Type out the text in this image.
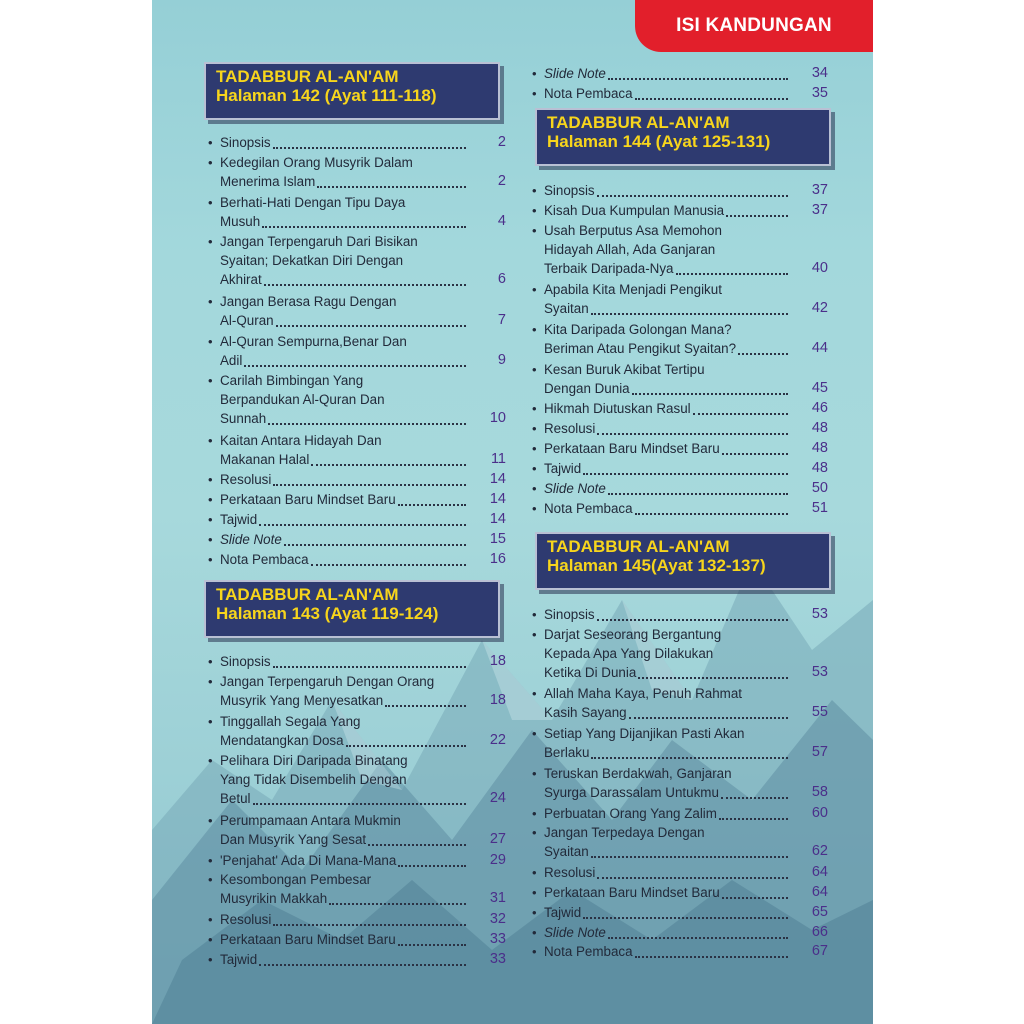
ISI KANDUNGAN
• Sinopsis	2
• Kedegilan Orang Musyrik Dalam
Menerima Islam	2
• Berhati-Hati Dengan Tipu Daya
Musuh	4
• Jangan Terpengaruh Dari Bisikan
Syaitan; Dekatkan Diri Dengan
Akhirat	6
• Jangan Berasa Ragu Dengan
Al-Quran	7
• Al-Quran Sempurna,Benar Dan
Adil	9
• Carilah Bimbingan Yang
Berpandukan Al-Quran Dan
Sunnah	10
• Kaitan Antara Hidayah Dan
Makanan Halal	11
• Resolusi	14
• Perkataan Baru Mindset Baru	14
• Tajwid	14
• Slide Note	15
• Nota Pembaca	16
• Sinopsis	18
• Jangan Terpengaruh Dengan Orang
Musyrik Yang Menyesatkan	18
• Tinggallah Segala Yang
Mendatangkan Dosa	22
• Pelihara Diri Daripada Binatang
Yang Tidak Disembelih Dengan
Betul	24
• Perumpamaan Antara Mukmin
Dan Musyrik Yang Sesat	27
• 'Penjahat' Ada Di Mana-Mana	29
• Kesombongan Pembesar
Musyrikin Makkah	31
• Resolusi	32
• Perkataan Baru Mindset Baru	33
• Tajwid	33
• Slide Note	34
• Nota Pembaca	35
• Sinopsis	37
• Kisah Dua Kumpulan Manusia	37
• Usah Berputus Asa Memohon
Hidayah Allah, Ada Ganjaran
Terbaik Daripada-Nya	40
• Apabila Kita Menjadi Pengikut
Syaitan	42
• Kita Daripada Golongan Mana?
Beriman Atau Pengikut Syaitan?	44
• Kesan Buruk Akibat Tertipu
Dengan Dunia	45
• Hikmah Diutuskan Rasul	46
• Resolusi	48
• Perkataan Baru Mindset Baru	48
• Tajwid	48
• Slide Note	50
• Nota Pembaca	51
• Sinopsis	53
• Darjat Seseorang Bergantung
Kepada Apa Yang Dilakukan
Ketika Di Dunia	53
• Allah Maha Kaya, Penuh Rahmat
Kasih Sayang	55
• Setiap Yang Dijanjikan Pasti Akan
Berlaku	57
• Teruskan Berdakwah, Ganjaran
Syurga Darassalam Untukmu	58
• Perbuatan Orang Yang Zalim	60
• Jangan Terpedaya Dengan
Syaitan	62
• Resolusi	64
• Perkataan Baru Mindset Baru	64
• Tajwid	65
• Slide Note	66
• Nota Pembaca	67
TADABBUR AL-AN'AM
Halaman 142 (Ayat 111-118)
TADABBUR AL-AN'AM
Halaman 143 (Ayat 119-124)
TADABBUR AL-AN'AM
Halaman 144 (Ayat 125-131)
TADABBUR AL-AN'AM
Halaman 145(Ayat 132-137)
